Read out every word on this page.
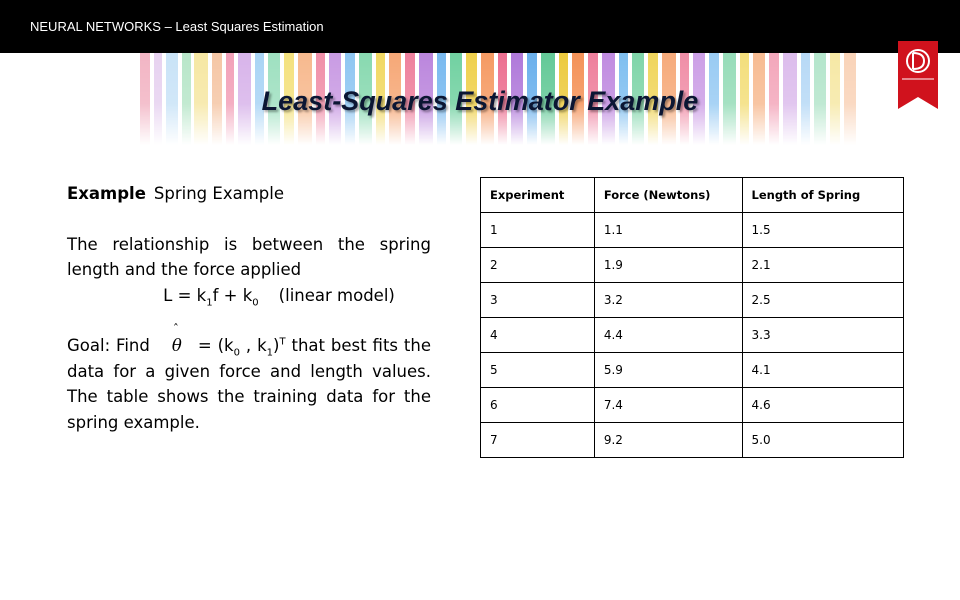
NEURAL NETWORKS – Least Squares Estimation
Least-Squares Estimator Example

Example Spring Example

The relationship is between the spring length and the force applied

$L = k_1f + k_0$ (linear model)

Goal: Find
ˆ
$\theta = (k_0$ , $k_1)^T$ that best fits the data for a given force and length values. The table shows the training data for the spring example.

Experiment	Force (Newtons)	Length of Spring
1	1.1	1.5
2	1.9	2.1
3	3.2	2.5
4	4.4	3.3
5	5.9	4.1
6	7.4	4.6
7	9.2	5.0
